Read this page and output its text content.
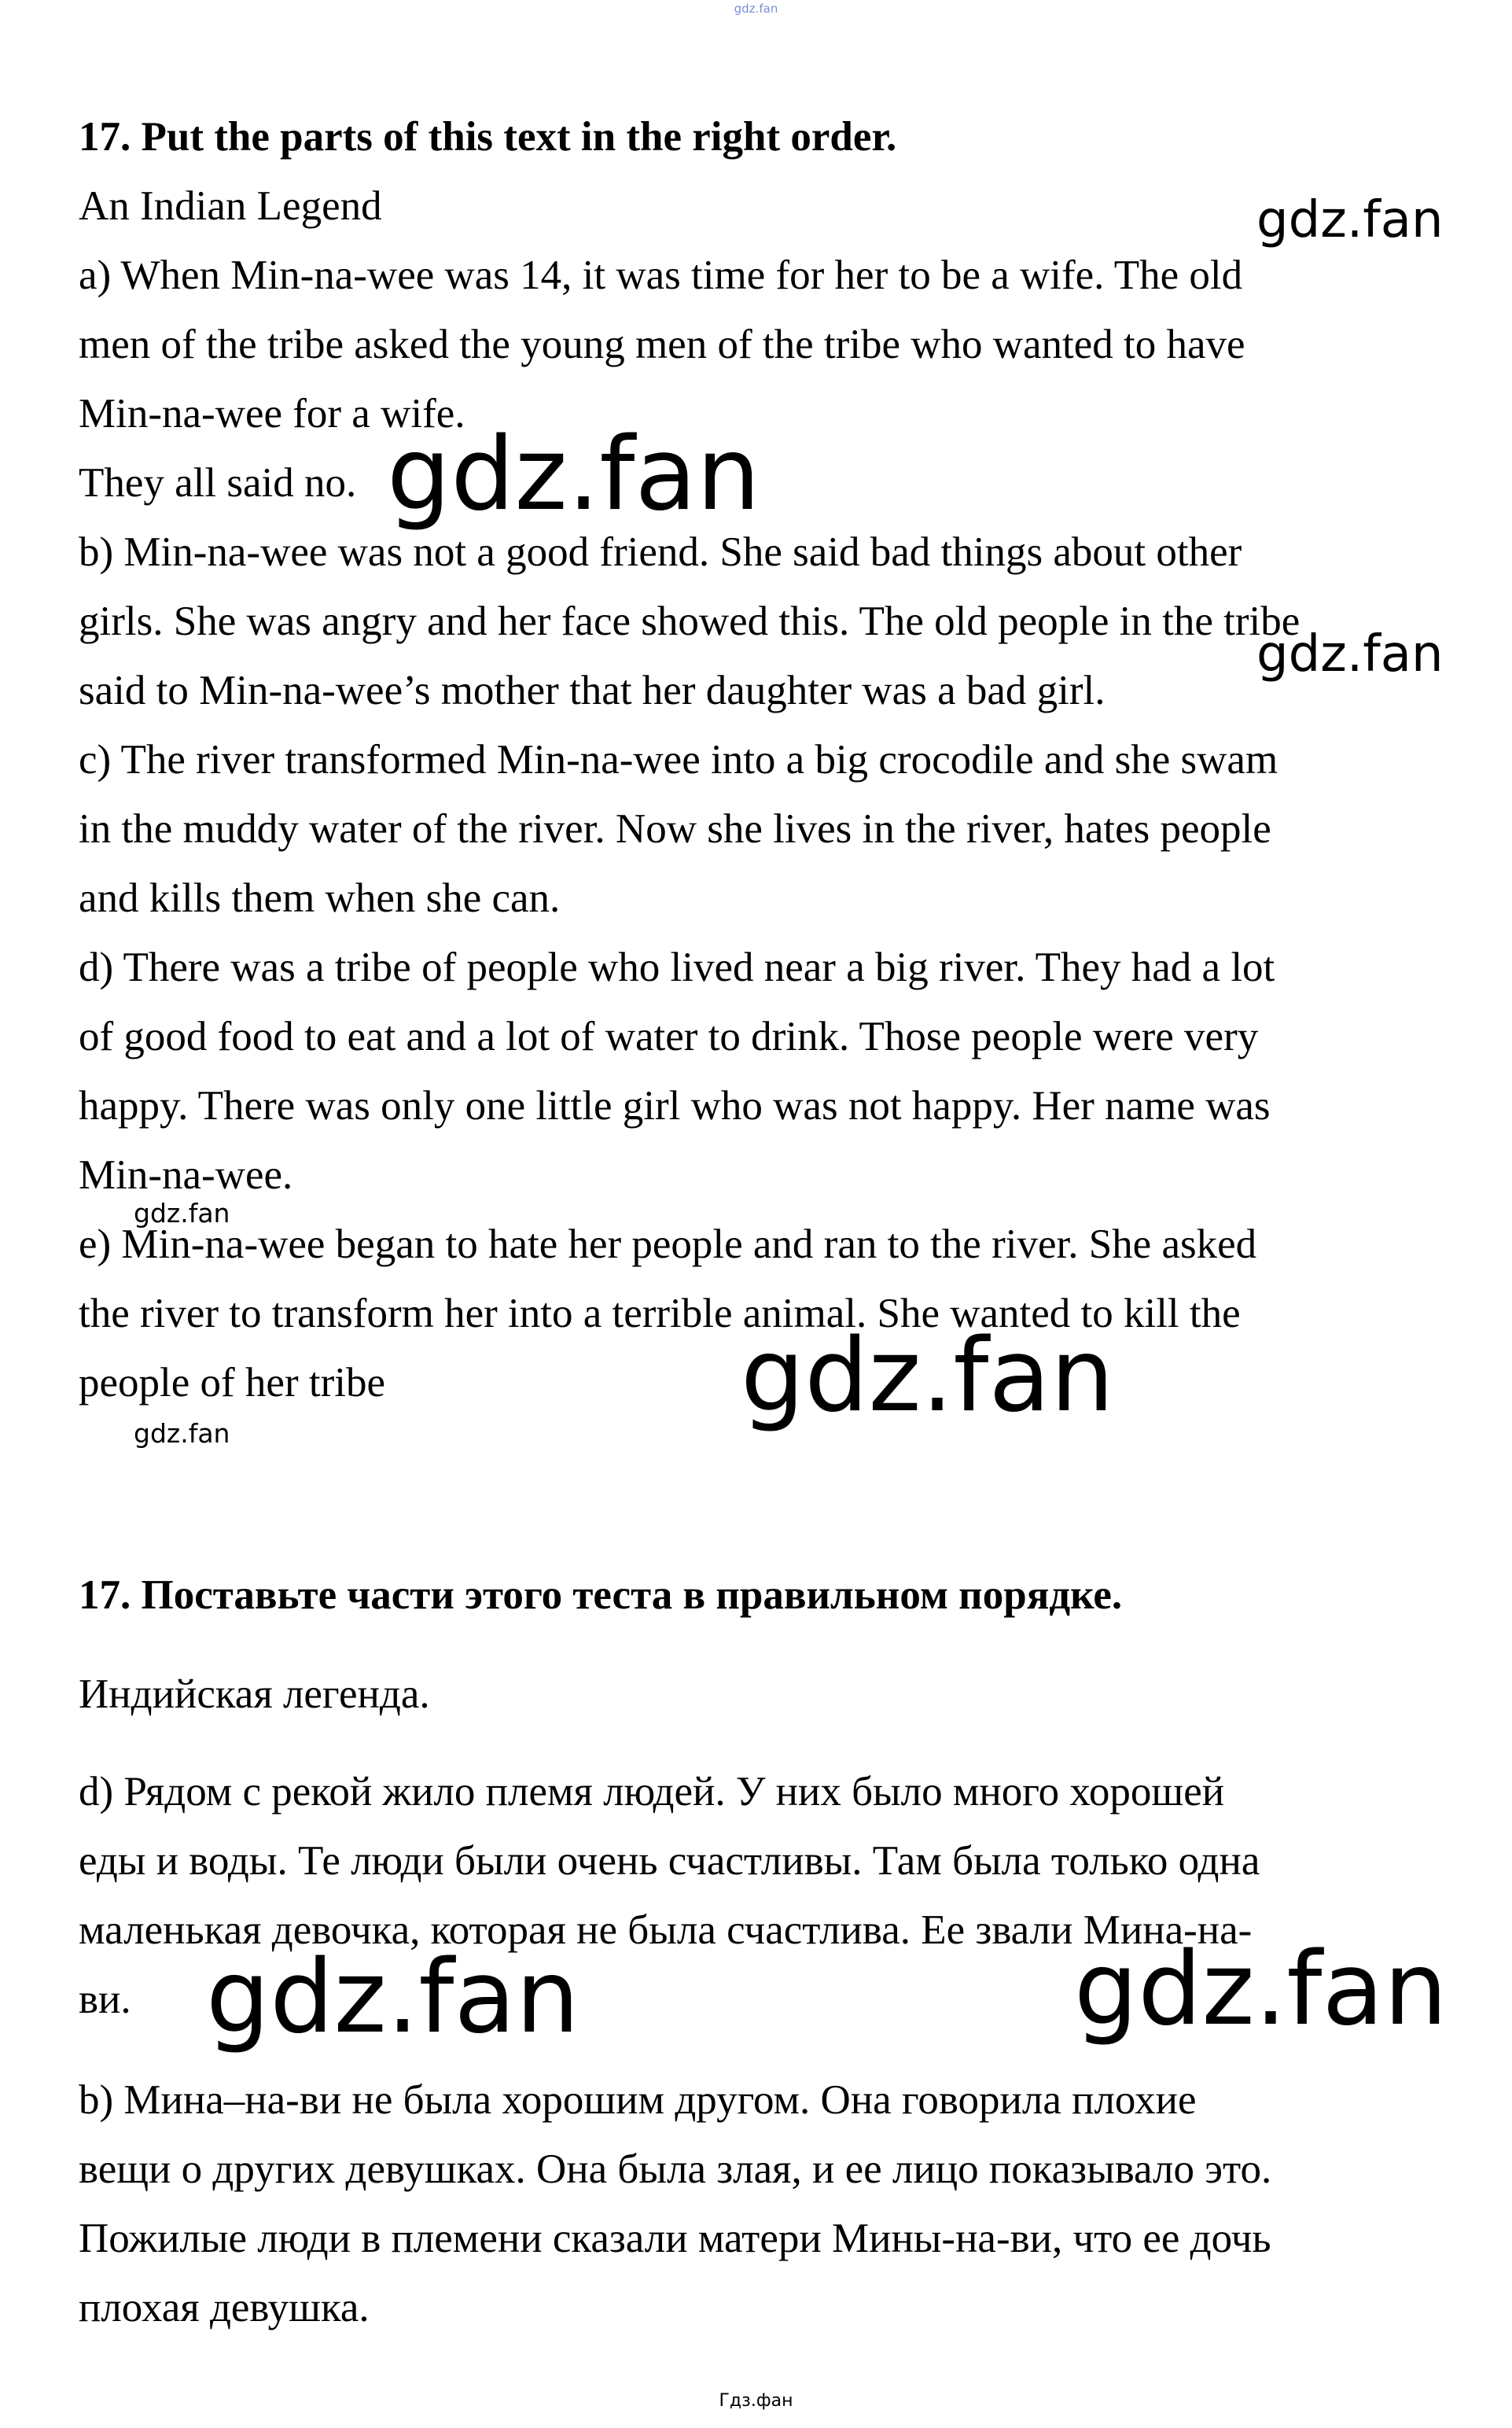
gdz.fan
17. Put the parts of this text in the right order.
An Indian Legend
a) When Min-na-wee was 14, it was time for her to be a wife. The old
men of the tribe asked the young men of the tribe who wanted to have
Min-na-wee for a wife.
They all said no.
b) Min-na-wee was not a good friend. She said bad things about other
girls. She was angry and her face showed this. The old people in the tribe
said to Min-na-wee’s mother that her daughter was a bad girl.
c) The river transformed Min-na-wee into a big crocodile and she swam
in the muddy water of the river. Now she lives in the river, hates people
and kills them when she can.
d) There was a tribe of people who lived near a big river. They had a lot
of good food to eat and a lot of water to drink. Those people were very
happy. There was only one little girl who was not happy. Her name was
Min-na-wee.
e) Min-na-wee began to hate her people and ran to the river. She asked
the river to transform her into a terrible animal. She wanted to kill the
people of her tribe
17. Поставьте части этого теста в правильном порядке.
Индийская легенда.
d) Рядом с рекой жило племя людей. У них было много хорошей
еды и воды. Те люди были очень счастливы. Там была только одна
маленькая девочка, которая не была счастлива. Ее звали Мина-на-
ви.
b) Мина–на-ви не была хорошим другом. Она говорила плохие
вещи о других девушках. Она была злая, и ее лицо показывало это.
Пожилые люди в племени сказали матери Мины-на-ви, что ее дочь
плохая девушка.
gdz.fan
gdz.fan
gdz.fan
gdz.fan
gdz.fan
gdz.fan
gdz.fan	gdz.fan
Гдз.фан
